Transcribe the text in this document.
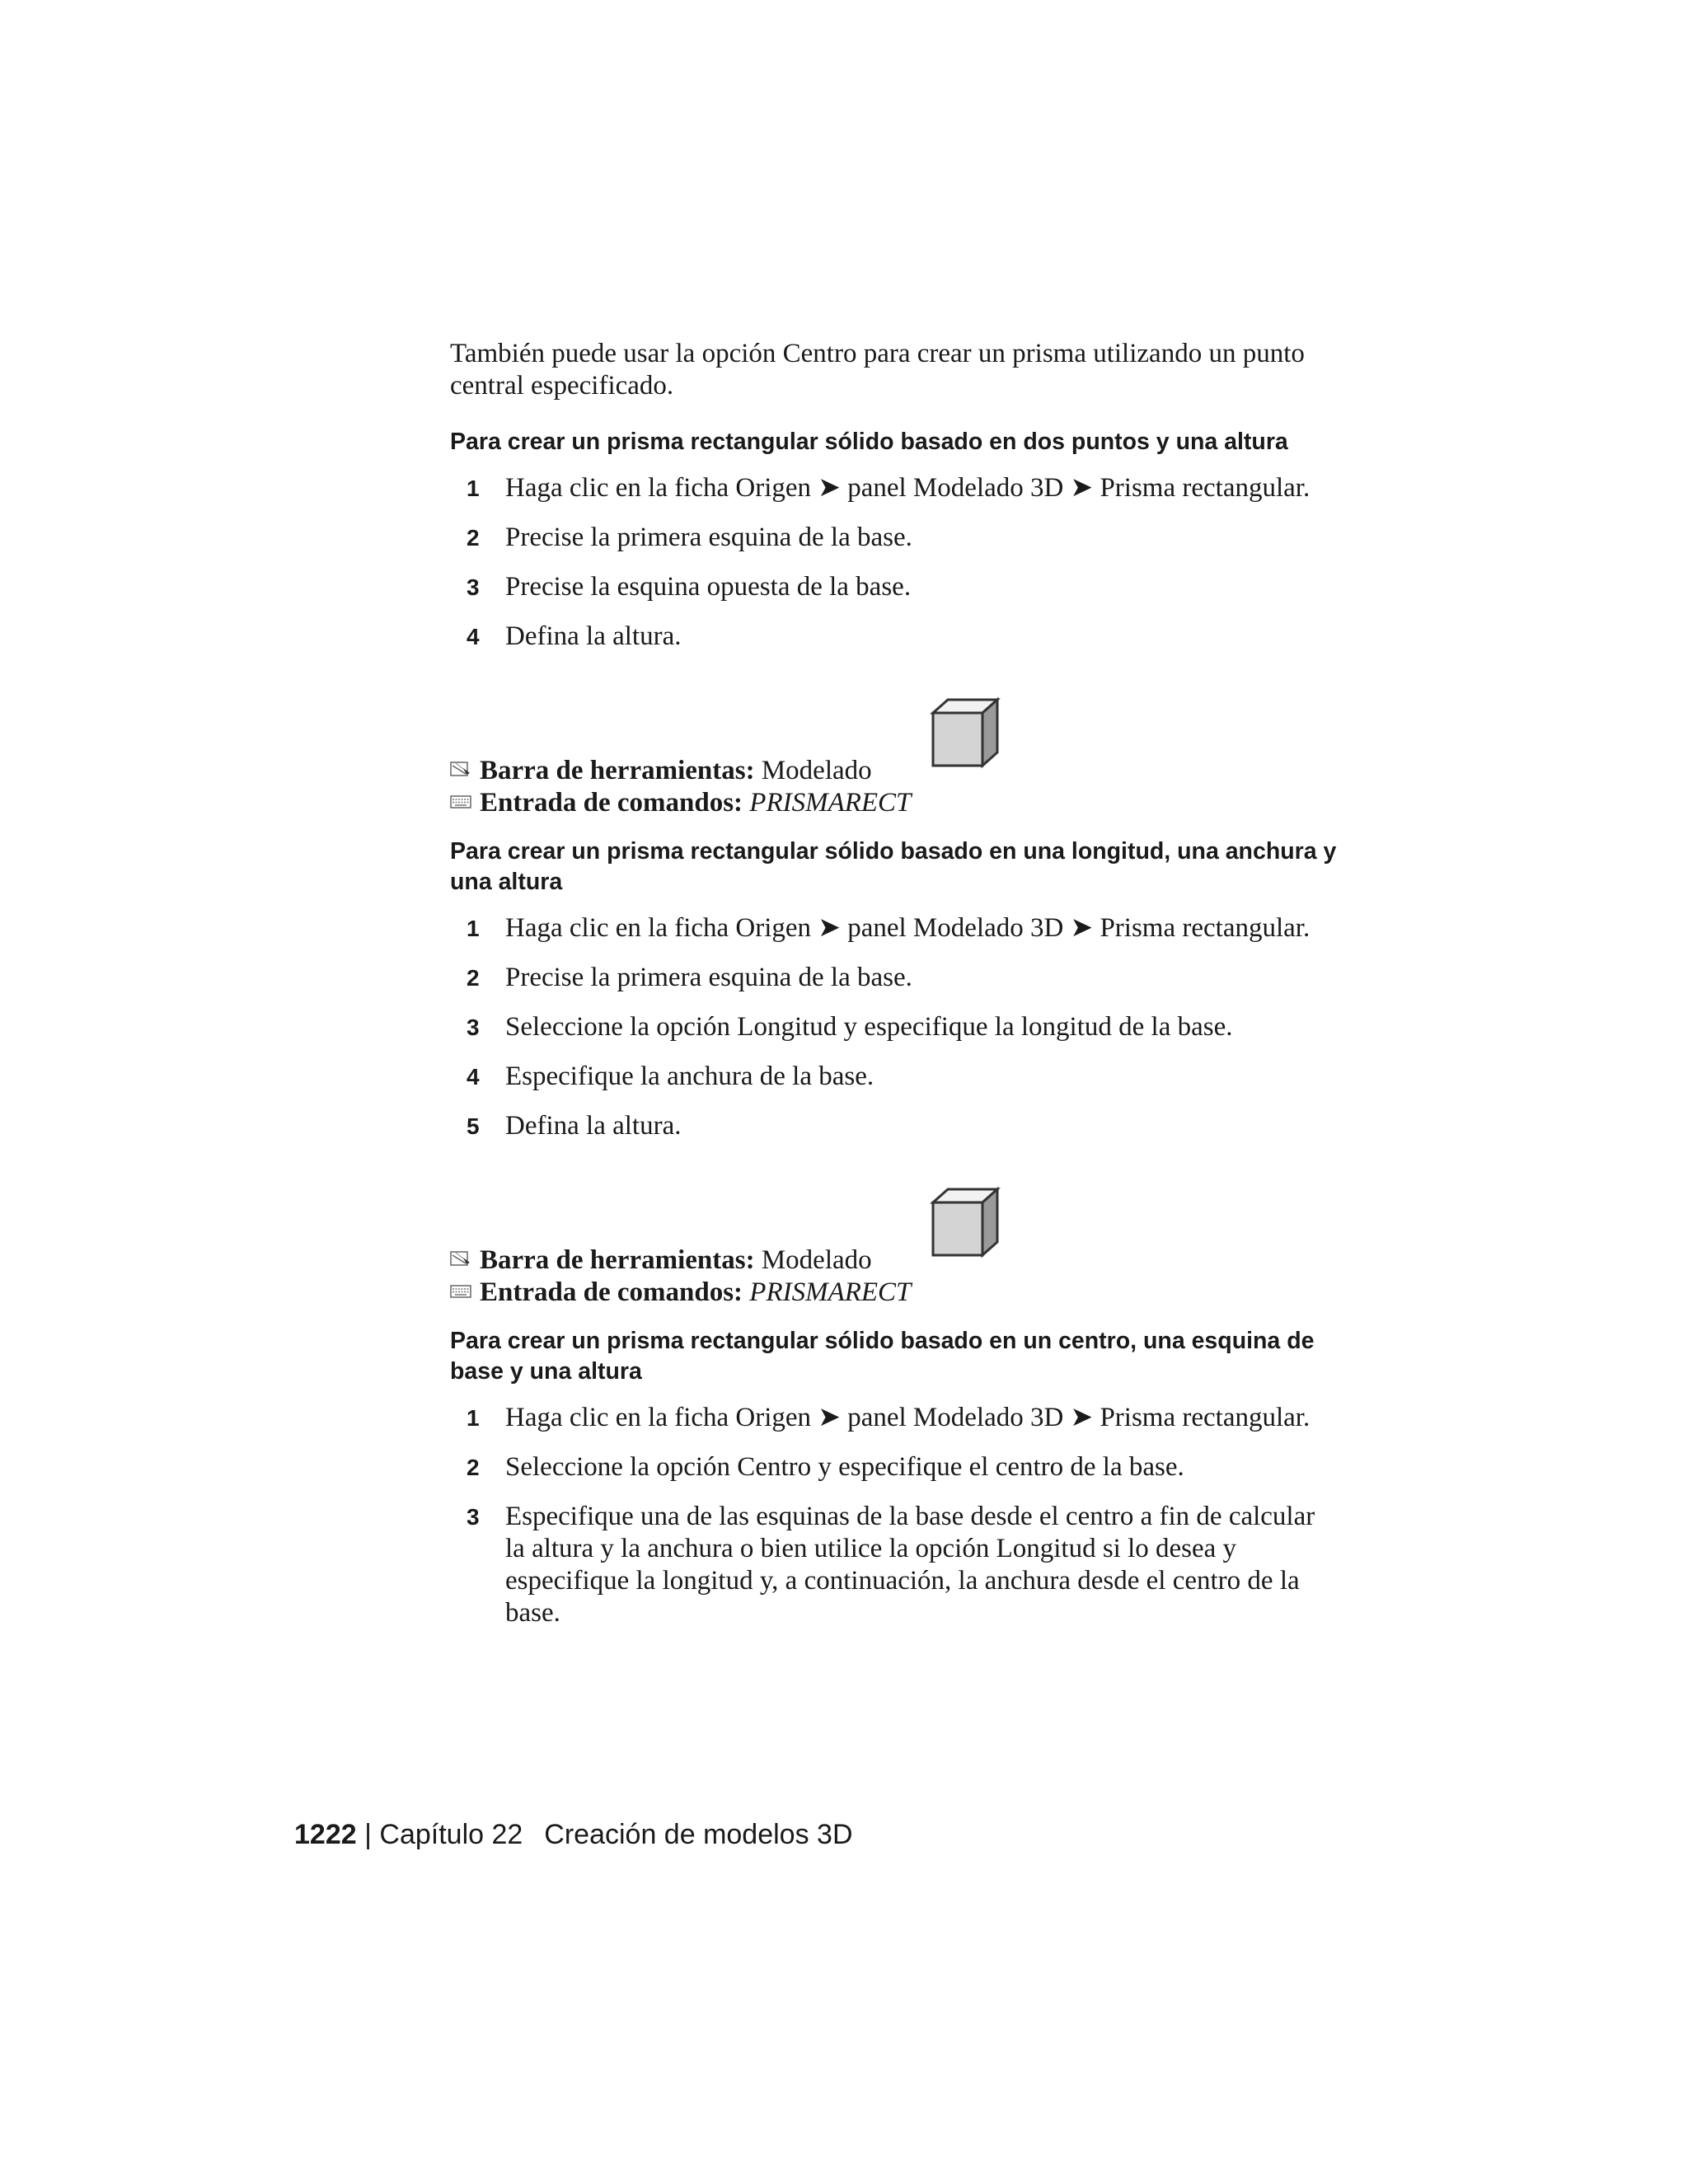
También puede usar la opción Centro para crear un prisma utilizando un punto central especificado.

Para crear un prisma rectangular sólido basado en dos puntos y una altura

1 Haga clic en la ficha Origen ➤ panel Modelado 3D ➤ Prisma rectangular.
2 Precise la primera esquina de la base.
3 Precise la esquina opuesta de la base.
4 Defina la altura.
Barra de herramientas: Modelado
Entrada de comandos: PRISMARECT

Para crear un prisma rectangular sólido basado en una longitud, una anchura y una altura

1 Haga clic en la ficha Origen ➤ panel Modelado 3D ➤ Prisma rectangular.
2 Precise la primera esquina de la base.
3 Seleccione la opción Longitud y especifique la longitud de la base.
4 Especifique la anchura de la base.
5 Defina la altura.
Barra de herramientas: Modelado
Entrada de comandos: PRISMARECT

Para crear un prisma rectangular sólido basado en un centro, una esquina de base y una altura

1 Haga clic en la ficha Origen ➤ panel Modelado 3D ➤ Prisma rectangular.
2 Seleccione la opción Centro y especifique el centro de la base.
3 Especifique una de las esquinas de la base desde el centro a fin de calcular la altura y la anchura o bien utilice la opción Longitud si lo desea y especifique la longitud y, a continuación, la anchura desde el centro de la base.
1222 | Capítulo 22 Creación de modelos 3D
